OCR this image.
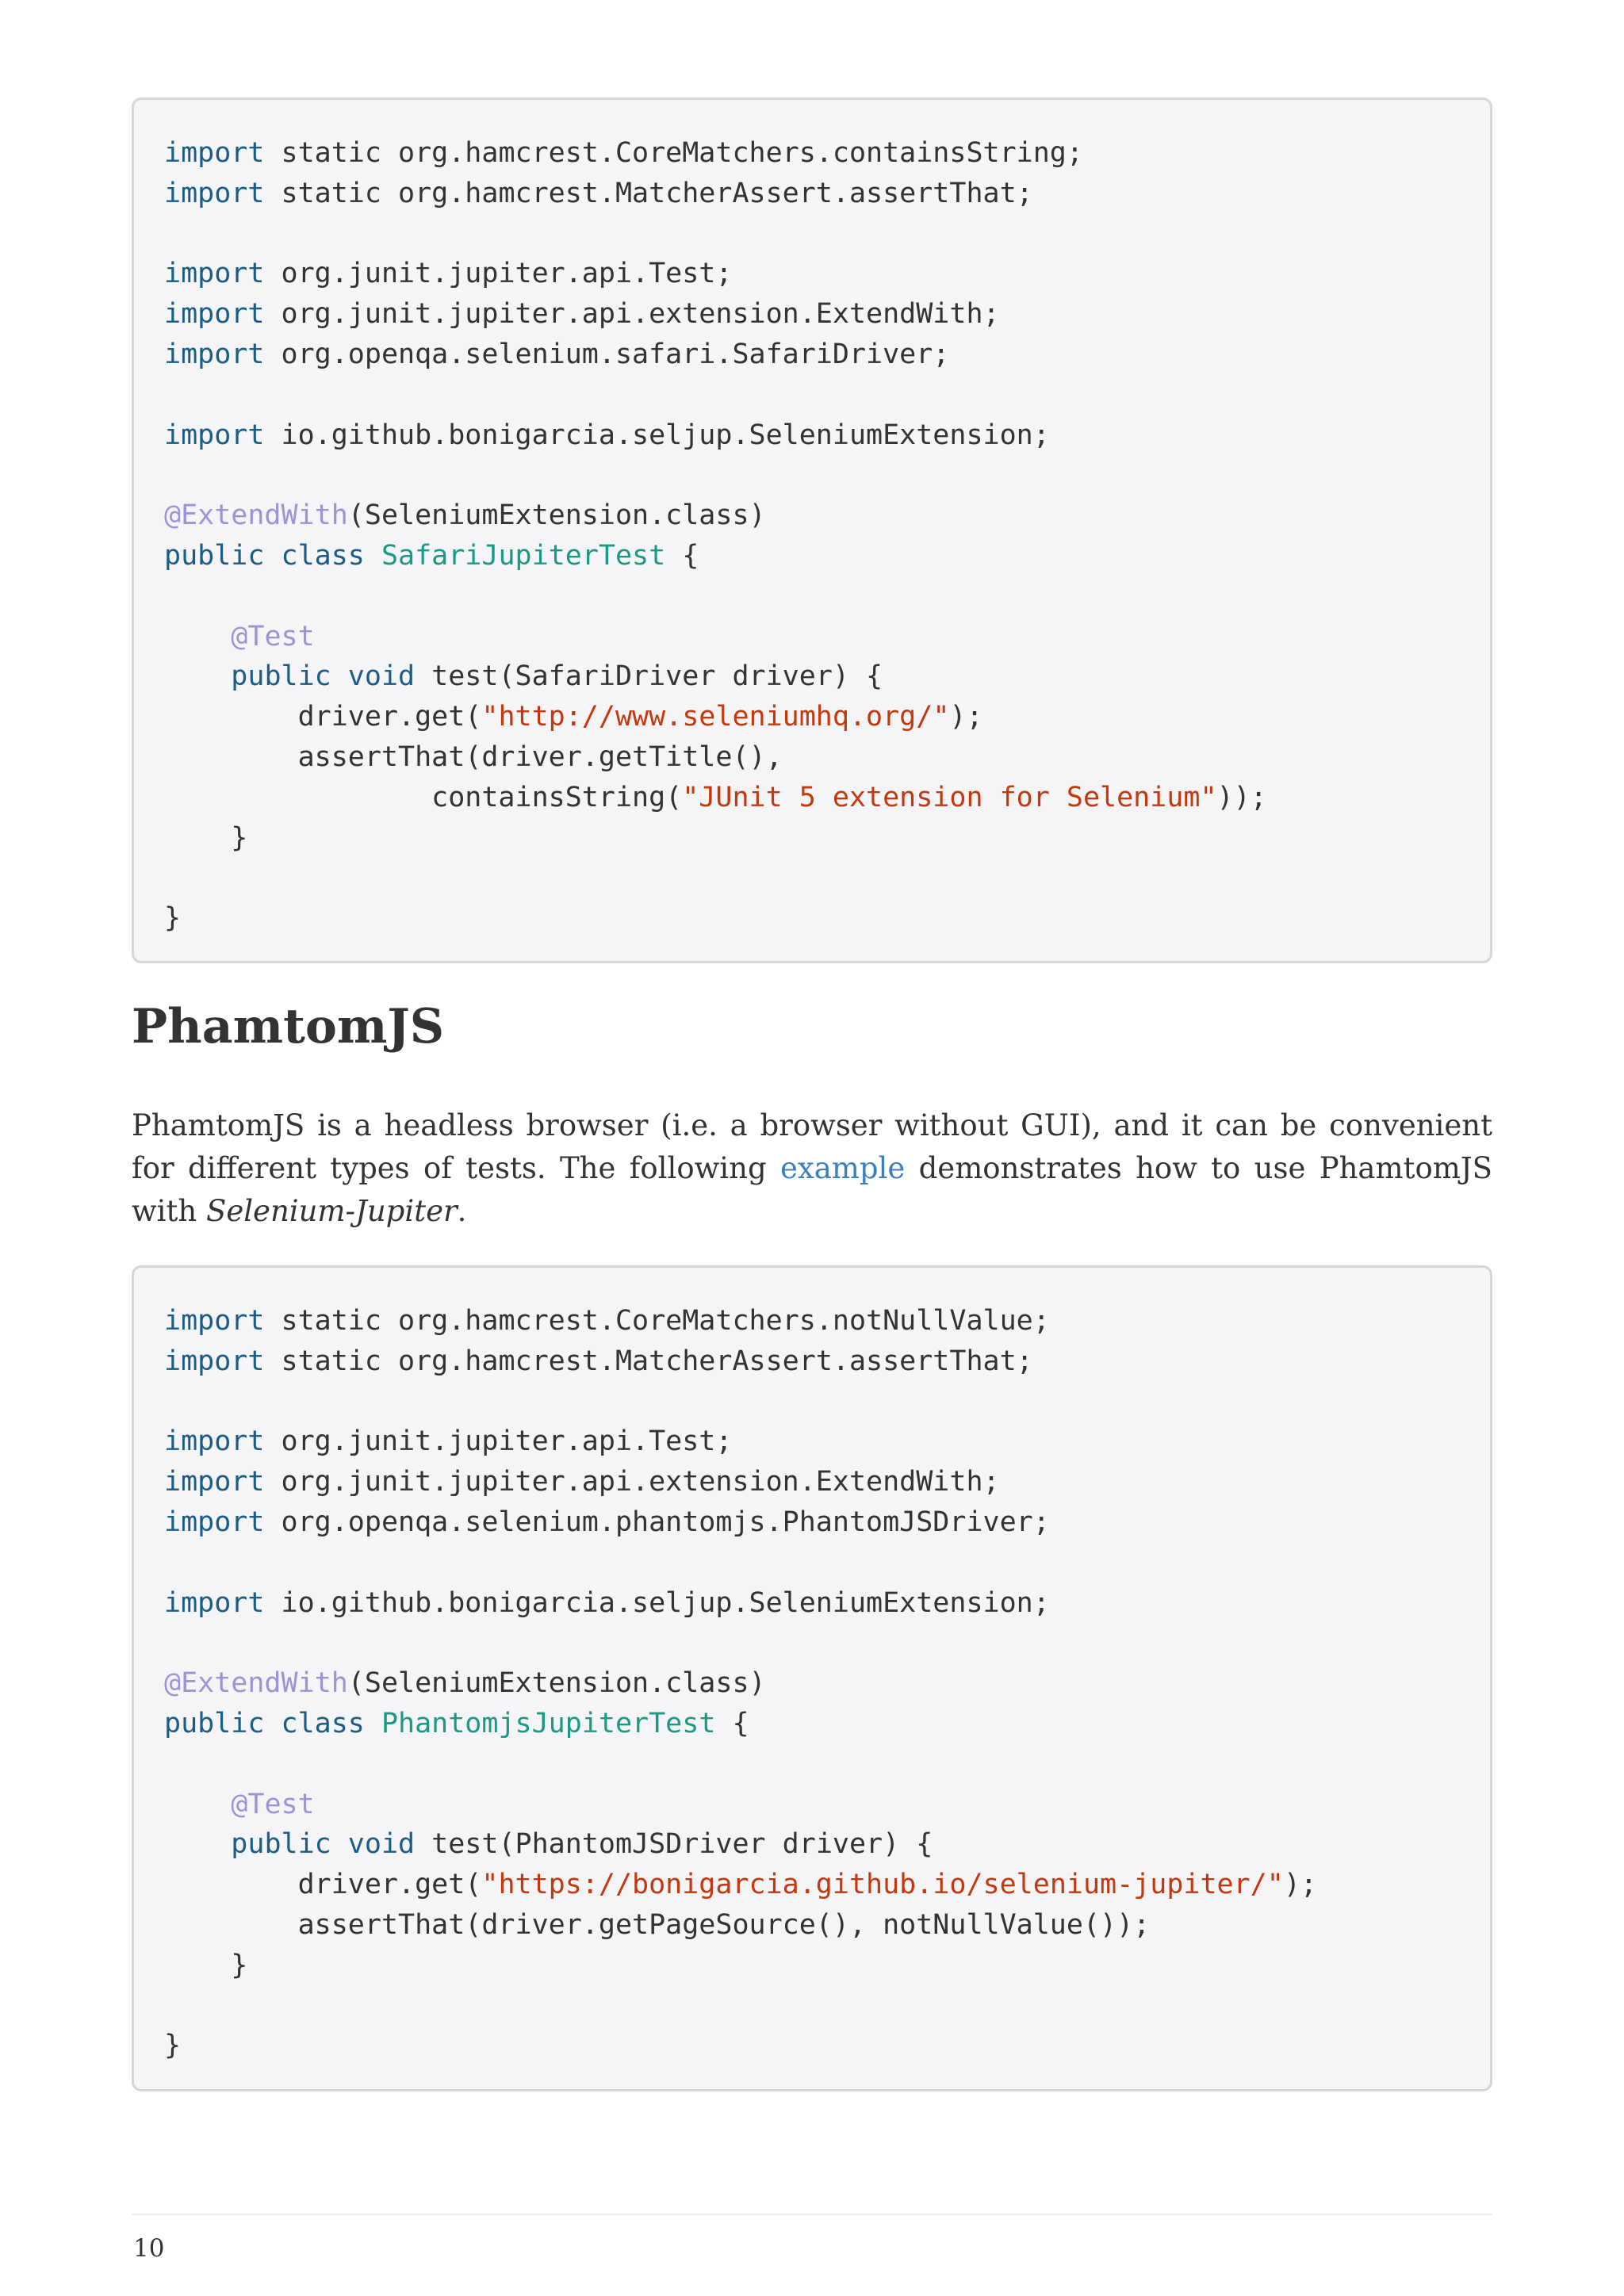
import static org.hamcrest.CoreMatchers.containsString;
import static org.hamcrest.MatcherAssert.assertThat;
import org.junit.jupiter.api.Test;
import org.junit.jupiter.api.extension.ExtendWith;
import org.openqa.selenium.safari.SafariDriver;
import io.github.bonigarcia.seljup.SeleniumExtension;
@ExtendWith(SeleniumExtension.class)
public class SafariJupiterTest {
@Test
public void test(SafariDriver driver) {
driver.get("http://www.seleniumhq.org/");
assertThat(driver.getTitle(),
containsString("JUnit 5 extension for Selenium"));
}
}
PhamtomJS

PhamtomJS is a headless browser (i.e. a browser without GUI), and it can be convenient for different types of tests. The following example demonstrates how to use PhamtomJS with Selenium-Jupiter.

import static org.hamcrest.CoreMatchers.notNullValue;
import static org.hamcrest.MatcherAssert.assertThat;
import org.junit.jupiter.api.Test;
import org.junit.jupiter.api.extension.ExtendWith;
import org.openqa.selenium.phantomjs.PhantomJSDriver;
import io.github.bonigarcia.seljup.SeleniumExtension;
@ExtendWith(SeleniumExtension.class)
public class PhantomjsJupiterTest {
@Test
public void test(PhantomJSDriver driver) {
driver.get("https://bonigarcia.github.io/selenium-jupiter/");
assertThat(driver.getPageSource(), notNullValue());
}
}
10
